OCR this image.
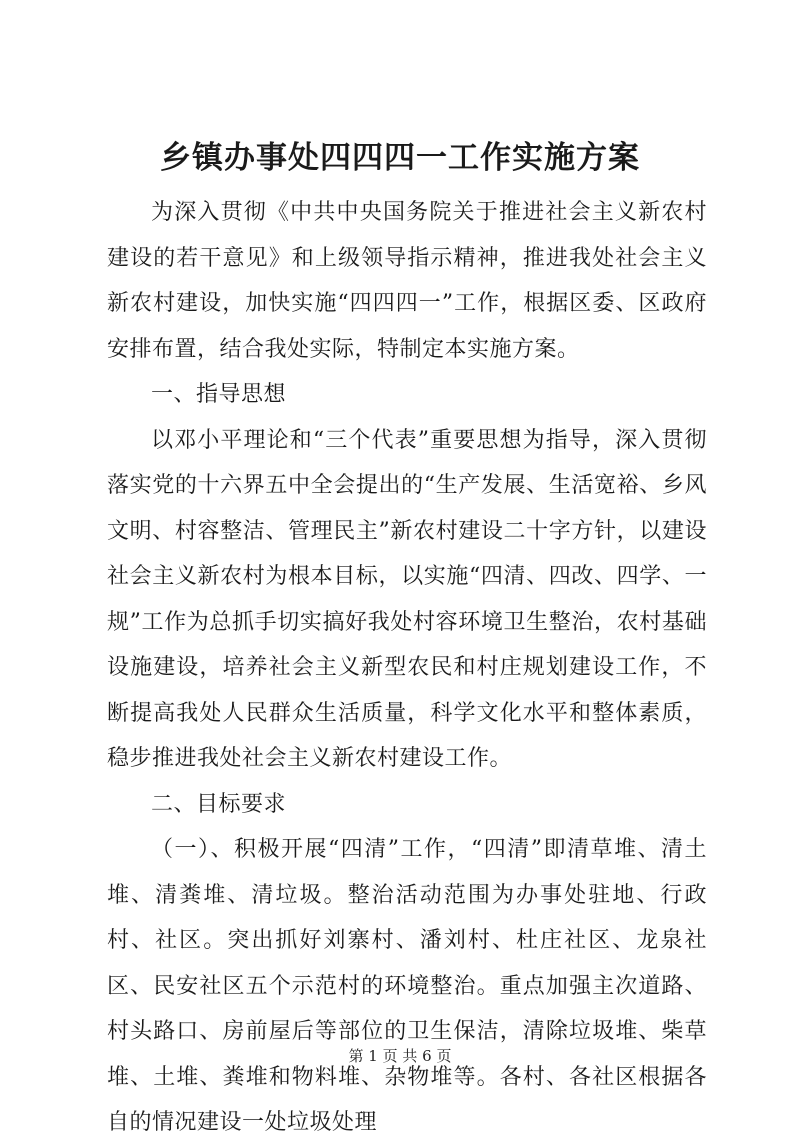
乡镇办事处四四四一工作实施方案

为深入贯彻《中共中央国务院关于推进社会主义新农村建设的若干意见》和上级领导指示精神，推进我处社会主义新农村建设，加快实施“四四四一”工作，根据区委、区政府安排布置，结合我处实际，特制定本实施方案。

一、指导思想

以邓小平理论和“三个代表”重要思想为指导，深入贯彻落实党的十六界五中全会提出的“生产发展、生活宽裕、乡风文明、村容整洁、管理民主”新农村建设二十字方针，以建设社会主义新农村为根本目标，以实施“四清、四改、四学、一规”工作为总抓手切实搞好我处村容环境卫生整治，农村基础设施建设，培养社会主义新型农民和村庄规划建设工作，不断提高我处人民群众生活质量，科学文化水平和整体素质，稳步推进我处社会主义新农村建设工作。

二、目标要求

（一）、积极开展“四清”工作，“四清”即清草堆、清土堆、清粪堆、清垃圾。整治活动范围为办事处驻地、行政村、社区。突出抓好刘寨村、潘刘村、杜庄社区、龙泉社区、民安社区五个示范村的环境整治。重点加强主次道路、村头路口、房前屋后等部位的卫生保洁，清除垃圾堆、柴草堆、土堆、粪堆和物料堆、杂物堆等。各村、各社区根据各自的情况建设一处垃圾处理

第 1 页 共 6 页
